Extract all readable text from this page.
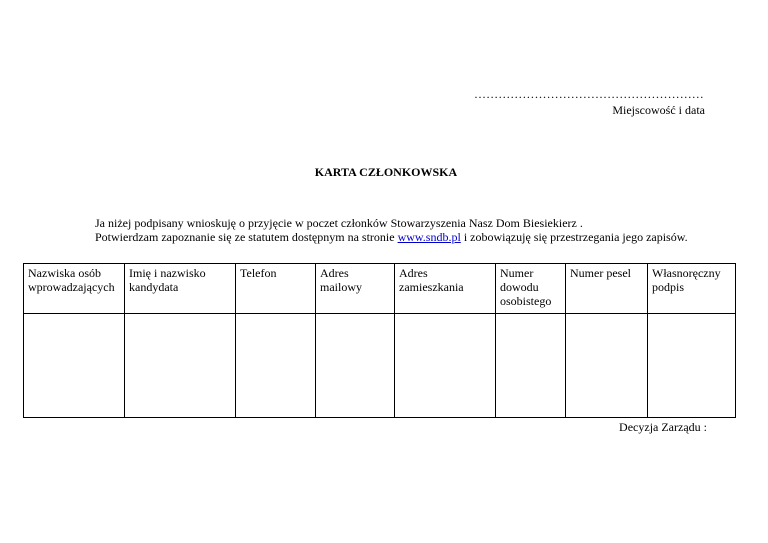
…………………………………………………
Miejscowość i data
KARTA CZŁONKOWSKA
Ja niżej podpisany wnioskuję o przyjęcie w poczet członków Stowarzyszenia Nasz Dom Biesiekierz .
Potwierdzam zapoznanie się ze statutem dostępnym na stronie www.sndb.pl i zobowiązuję się przestrzegania jego zapisów.
Nazwiska osób wprowadzających	Imię i nazwisko kandydata	Telefon	Adres mailowy	Adres zamieszkania	Numer dowodu osobistego	Numer pesel	Własnoręczny podpis

Decyzja Zarządu :
